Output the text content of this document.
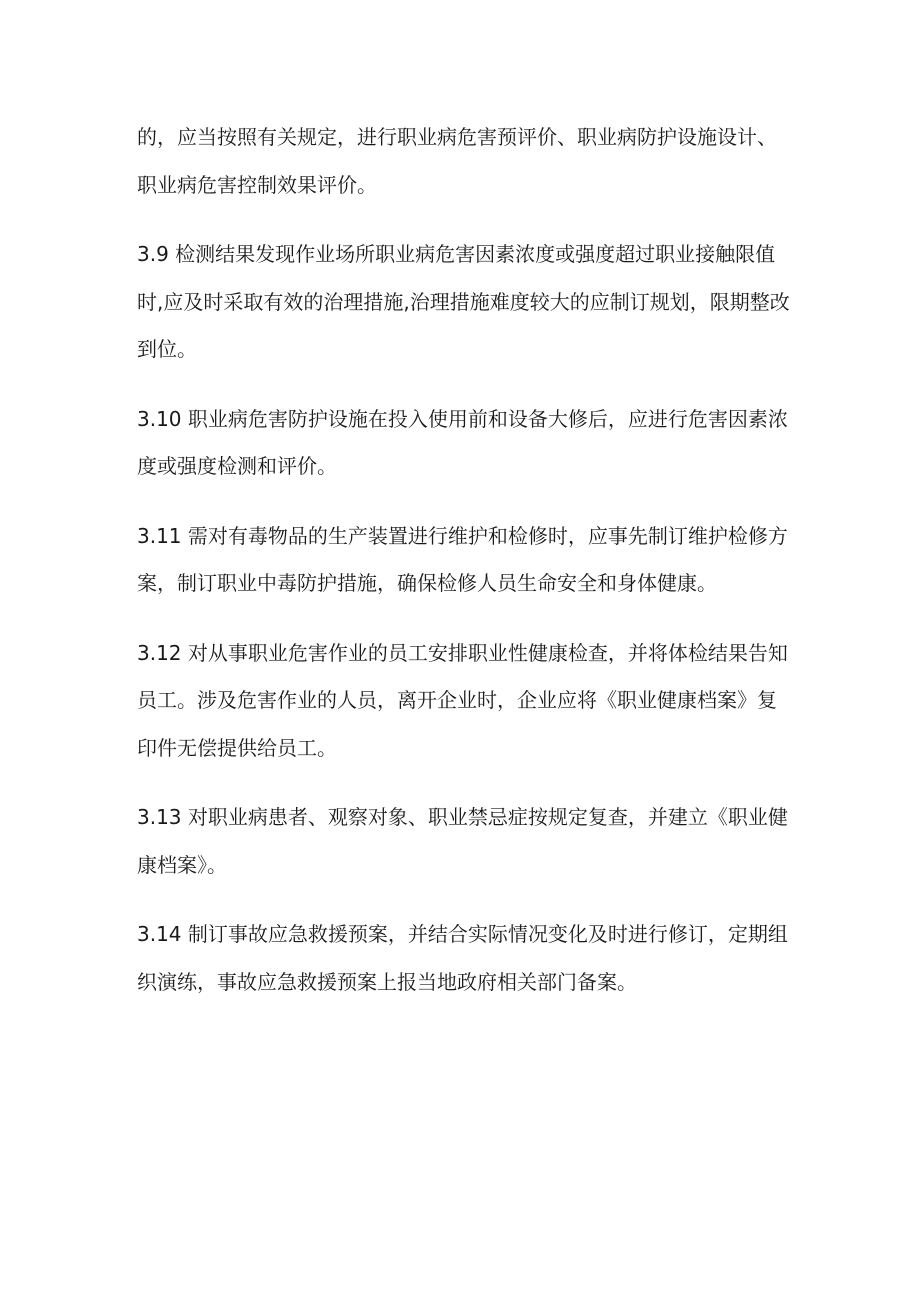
的，应当按照有关规定，进行职业病危害预评价、职业病防护设施设计、
职业病危害控制效果评价。

3.9 检测结果发现作业场所职业病危害因素浓度或强度超过职业接触限值
时,应及时采取有效的治理措施,治理措施难度较大的应制订规划，限期整改
到位。

3.10 职业病危害防护设施在投入使用前和设备大修后，应进行危害因素浓
度或强度检测和评价。

3.11 需对有毒物品的生产装置进行维护和检修时，应事先制订维护检修方
案，制订职业中毒防护措施，确保检修人员生命安全和身体健康。

3.12 对从事职业危害作业的员工安排职业性健康检查，并将体检结果告知
员工。涉及危害作业的人员，离开企业时，企业应将《职业健康档案》复
印件无偿提供给员工。

3.13 对职业病患者、观察对象、职业禁忌症按规定复查，并建立《职业健
康档案》。

3.14 制订事故应急救援预案，并结合实际情况变化及时进行修订，定期组
织演练，事故应急救援预案上报当地政府相关部门备案。
